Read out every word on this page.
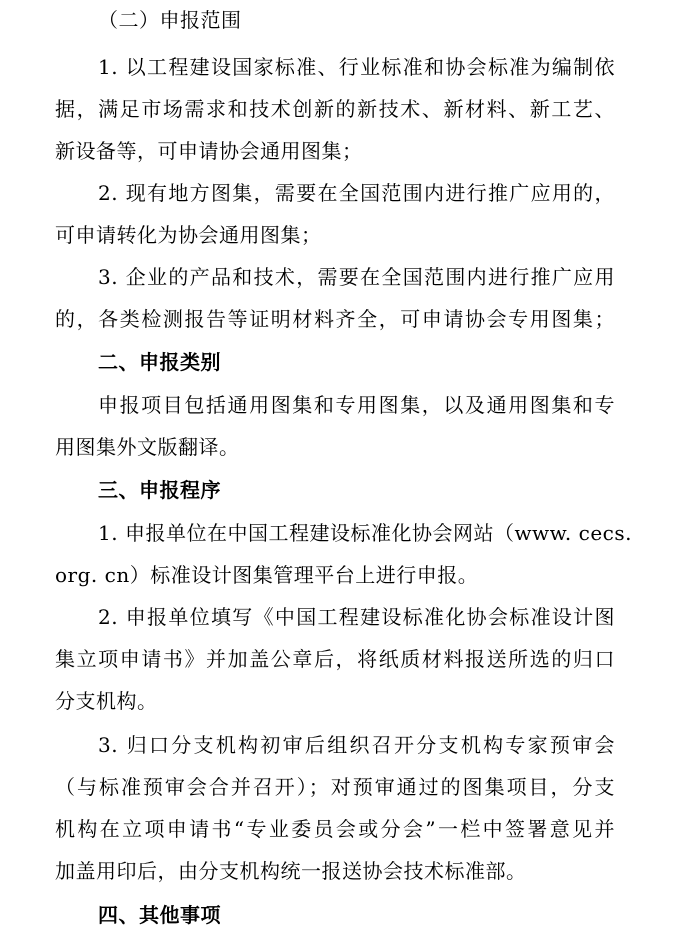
（二）申报范围
1. 以工程建设国家标准、行业标准和协会标准为编制依
据，满足市场需求和技术创新的新技术、新材料、新工艺、
新设备等，可申请协会通用图集；
2. 现有地方图集，需要在全国范围内进行推广应用的，
可申请转化为协会通用图集；
3. 企业的产品和技术，需要在全国范围内进行推广应用
的，各类检测报告等证明材料齐全，可申请协会专用图集；
二、申报类别
申报项目包括通用图集和专用图集，以及通用图集和专
用图集外文版翻译。
三、申报程序
1. 申报单位在中国工程建设标准化协会网站（www. cecs.
org. cn）标准设计图集管理平台上进行申报。
2. 申报单位填写《中国工程建设标准化协会标准设计图
集立项申请书》并加盖公章后，将纸质材料报送所选的归口
分支机构。
3. 归口分支机构初审后组织召开分支机构专家预审会
（与标准预审会合并召开）；对预审通过的图集项目，分支
机构在立项申请书“专业委员会或分会”一栏中签署意见并
加盖用印后，由分支机构统一报送协会技术标准部。
四、其他事项
